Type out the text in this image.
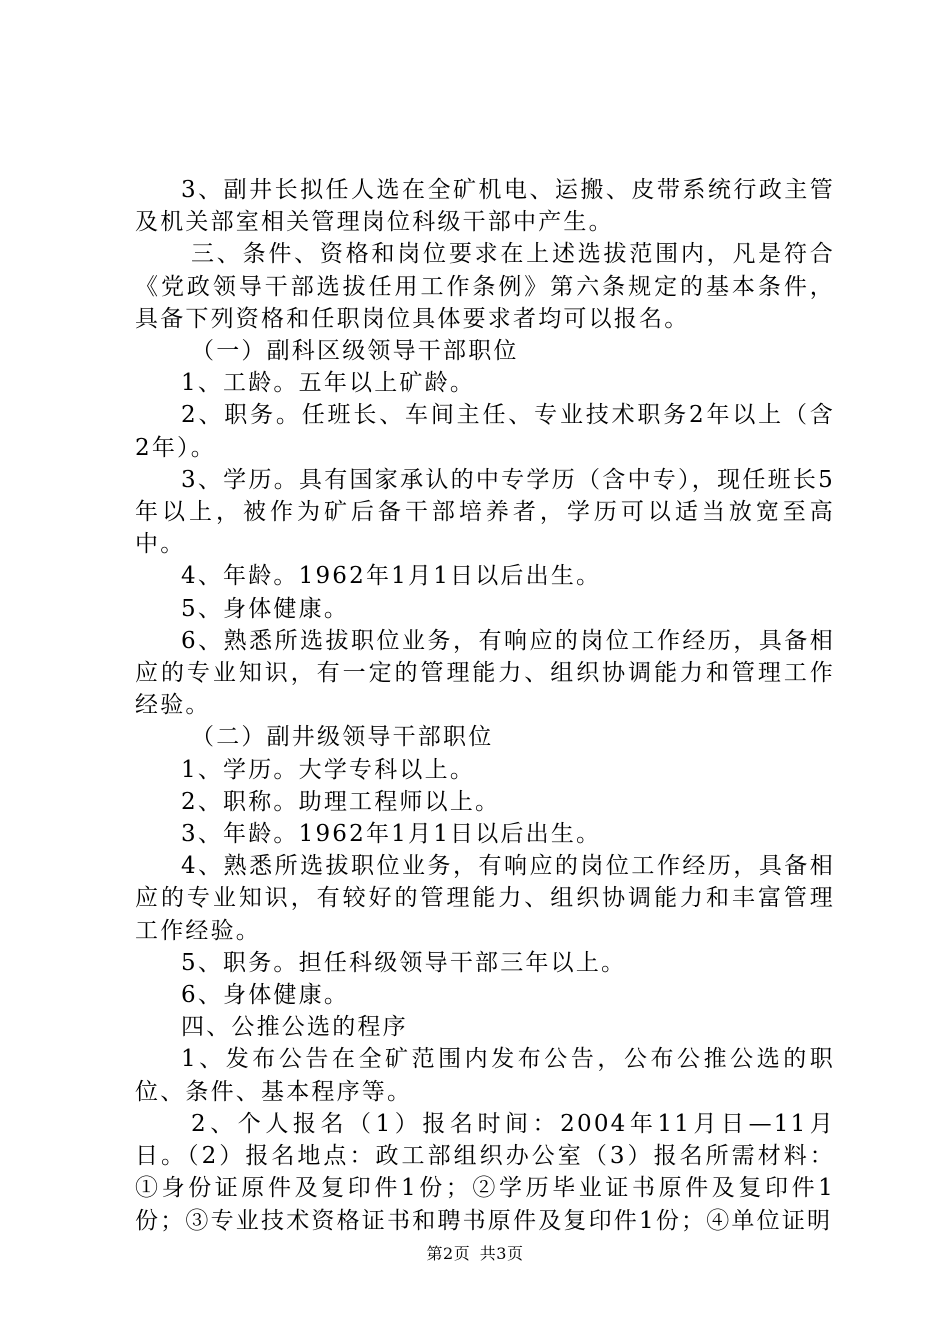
3、副井长拟任人选在全矿机电、运搬、皮带系统行政主管及机关部室相关管理岗位科级干部中产生。

三、条件、资格和岗位要求在上述选拔范围内，凡是符合《党政领导干部选拔任用工作条例》第六条规定的基本条件，具备下列资格和任职岗位具体要求者均可以报名。

（一）副科区级领导干部职位

1、工龄。五年以上矿龄。

2、职务。任班长、车间主任、专业技术职务2年以上（含2年）。

3、学历。具有国家承认的中专学历（含中专），现任班长5年以上，被作为矿后备干部培养者，学历可以适当放宽至高中。

4、年龄。1962年1月1日以后出生。

5、身体健康。

6、熟悉所选拔职位业务，有响应的岗位工作经历，具备相应的专业知识，有一定的管理能力、组织协调能力和管理工作经验。

（二）副井级领导干部职位

1、学历。大学专科以上。

2、职称。助理工程师以上。

3、年龄。1962年1月1日以后出生。

4、熟悉所选拔职位业务，有响应的岗位工作经历，具备相应的专业知识，有较好的管理能力、组织协调能力和丰富管理工作经验。

5、职务。担任科级领导干部三年以上。

6、身体健康。

四、公推公选的程序

1、发布公告在全矿范围内发布公告，公布公推公选的职位、条件、基本程序等。

2、个人报名（1）报名时间：2004年11月日—11月日。（2）报名地点：政工部组织办公室（3）报名所需材料：①身份证原件及复印件1份；②学历毕业证书原件及复印件1份；③专业技术资格证书和聘书原件及复印件1份；④单位证明

第2页 共3页
